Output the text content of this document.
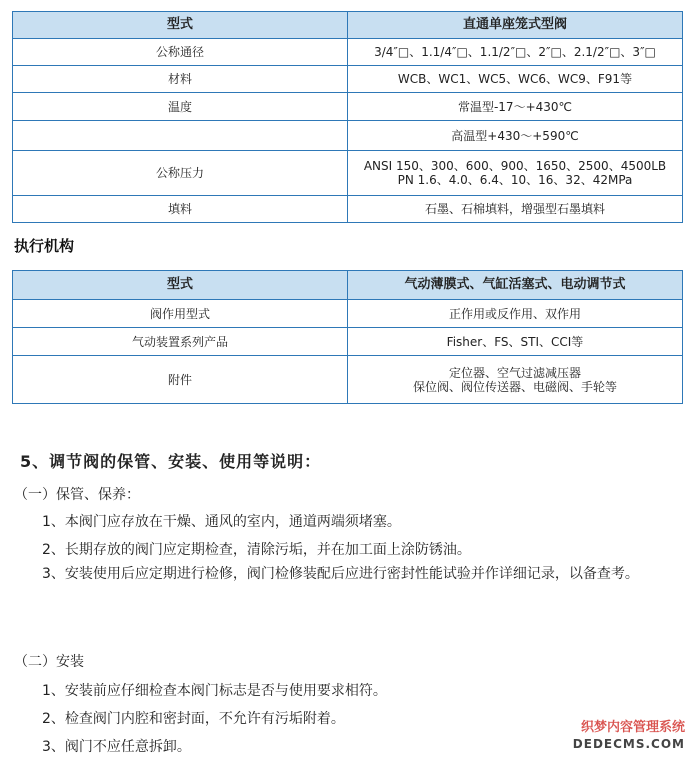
型式	直通单座笼式型阀
公称通径	3/4″□、1.1/4″□、1.1/2″□、2″□、2.1/2″□、3″□
材料	WCB、WC1、WC5、WC6、WC9、F91等
温度	常温型-17～+430℃
	高温型+430～+590℃
公称压力	ANSI 150、300、600、900、1650、2500、4500LB
PN 1.6、4.0、6.4、10、16、32、42MPa

填料	石墨、石棉填料，增强型石墨填料
执行机构
型式	气动薄膜式、气缸活塞式、电动调节式
阀作用型式	正作用或反作用、双作用
气动装置系列产品	Fisher、FS、STI、CCI等
附件	定位器、空气过滤减压器
保位阀、阀位传送器、电磁阀、手轮等
5、调节阀的保管、安装、使用等说明：
（一）保管、保养：
1、本阀门应存放在干燥、通风的室内，通道两端须堵塞。
2、长期存放的阀门应定期检查，清除污垢，并在加工面上涂防锈油。
3、安装使用后应定期进行检修，阀门检修装配后应进行密封性能试验并作详细记录，以备查考。
（二）安装
1、安装前应仔细检查本阀门标志是否与使用要求相符。
2、检查阀门内腔和密封面，不允许有污垢附着。
3、阀门不应任意拆卸。
织梦内容管理系统
DEDECMS.COM
